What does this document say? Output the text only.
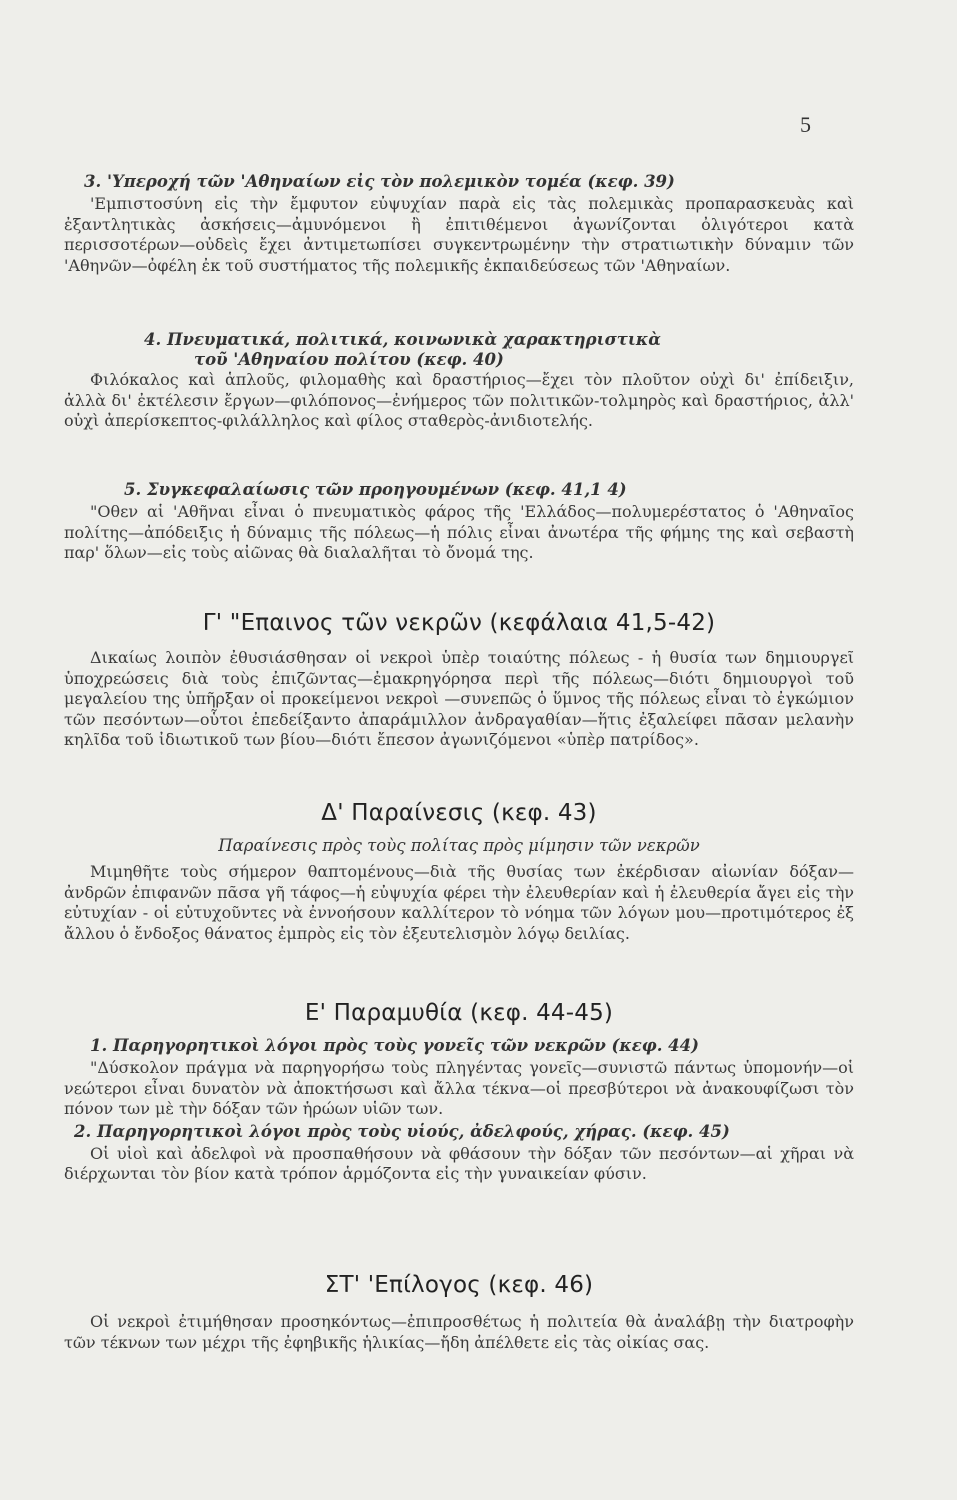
5
3. 'Υπεροχή τῶν 'Αθηναίων εἰς τὸν πολεμικὸν τομέα (κεφ. 39)

'Εμπιστοσύνη εἰς τὴν ἔμφυτον εὐψυχίαν παρὰ εἰς τὰς πολεμικὰς προπαρασκευὰς καὶ ἐξαντλητικὰς ἀσκήσεις—ἀμυνόμενοι ἢ ἐπιτιθέμενοι ἀγωνίζονται ὀλιγότεροι κατὰ περισσοτέρων—οὐδεὶς ἔχει ἀντιμετωπίσει συγκεντρωμένην τὴν στρατιωτικὴν δύναμιν τῶν 'Αθηνῶν—ὀφέλη ἐκ τοῦ συστήματος τῆς πολεμικῆς ἐκπαιδεύσεως τῶν 'Αθηναίων.

4. Πνευματικά, πολιτικά, κοινωνικὰ χαρακτηριστικὰ
τοῦ 'Αθηναίου πολίτου (κεφ. 40)

Φιλόκαλος καὶ ἁπλοῦς, φιλομαθὴς καὶ δραστήριος—ἔχει τὸν πλοῦτον οὐχὶ δι' ἐπίδειξιν, ἀλλὰ δι' ἐκτέλεσιν ἔργων—φιλόπονος—ἐνήμερος τῶν πολιτικῶν-τολμηρὸς καὶ δραστήριος, ἀλλ' οὐχὶ ἀπερίσκεπτος-φιλάλληλος καὶ φίλος σταθερὸς-ἀνιδιοτελής.

5. Συγκεφαλαίωσις τῶν προηγουμένων (κεφ. 41,1 4)

"Οθεν αἱ 'Αθῆναι εἶναι ὁ πνευματικὸς φάρος τῆς 'Ελλάδος—πολυμερέστατος ὁ 'Αθηναῖος πολίτης—ἀπόδειξις ἡ δύναμις τῆς πόλεως—ἡ πόλις εἶναι ἀνωτέρα τῆς φήμης της καὶ σεβαστὴ παρ' ὅλων—εἰς τοὺς αἰῶνας θὰ διαλαλῆται τὸ ὄνομά της.

Γ' "Επαινος τῶν νεκρῶν (κεφάλαια 41,5-42)

Δικαίως λοιπὸν ἐθυσιάσθησαν οἱ νεκροὶ ὑπὲρ τοιαύτης πόλεως - ἡ θυσία των δημιουργεῖ ὑποχρεώσεις διὰ τοὺς ἐπιζῶντας—ἐμακρηγόρησα περὶ τῆς πόλεως—διότι δημιουργοὶ τοῦ μεγαλείου της ὑπῆρξαν οἱ προκείμενοι νεκροὶ —συνεπῶς ὁ ὕμνος τῆς πόλεως εἶναι τὸ ἐγκώμιον τῶν πεσόντων—οὗτοι ἐπεδείξαντο ἀπαράμιλλον ἀνδραγαθίαν—ἥτις ἐξαλείφει πᾶσαν μελανὴν κηλῖδα τοῦ ἰδιωτικοῦ των βίου—διότι ἔπεσον ἀγωνιζόμενοι «ὑπὲρ πατρίδος».

Δ' Παραίνεσις (κεφ. 43)
Παραίνεσις πρὸς τοὺς πολίτας πρὸς μίμησιν τῶν νεκρῶν

Μιμηθῆτε τοὺς σήμερον θαπτομένους—διὰ τῆς θυσίας των ἐκέρδισαν αἰωνίαν δόξαν—ἀνδρῶν ἐπιφανῶν πᾶσα γῆ τάφος—ἡ εὐψυχία φέρει τὴν ἐλευθερίαν καὶ ἡ ἐλευθερία ἄγει εἰς τὴν εὐτυχίαν - οἱ εὐτυχοῦντες νὰ ἐννοήσουν καλλίτερον τὸ νόημα τῶν λόγων μου—προτιμότερος ἐξ ἄλλου ὁ ἔνδοξος θάνατος ἐμπρὸς εἰς τὸν ἐξευτελισμὸν λόγῳ δειλίας.

Ε' Παραμυθία (κεφ. 44-45)
1. Παρηγορητικοὶ λόγοι πρὸς τοὺς γονεῖς τῶν νεκρῶν (κεφ. 44)

"Δύσκολον πράγμα νὰ παρηγορήσω τοὺς πληγέντας γονεῖς—συνιστῶ πάντως ὑπομονήν—οἱ νεώτεροι εἶναι δυνατὸν νὰ ἀποκτήσωσι καὶ ἄλλα τέκνα—οἱ πρεσβύτεροι νὰ ἀνακουφίζωσι τὸν πόνον των μὲ τὴν δόξαν τῶν ἡρώων υἱῶν των.

2. Παρηγορητικοὶ λόγοι πρὸς τοὺς υἱούς, ἀδελφούς, χήρας. (κεφ. 45)

Οἱ υἱοὶ καὶ ἀδελφοὶ νὰ προσπαθήσουν νὰ φθάσουν τὴν δόξαν τῶν πεσόντων—αἱ χῆραι νὰ διέρχωνται τὸν βίον κατὰ τρόπον ἁρμόζοντα εἰς τὴν γυναικείαν φύσιν.

ΣΤ' 'Επίλογος (κεφ. 46)

Οἱ νεκροὶ ἐτιμήθησαν προσηκόντως—ἐπιπροσθέτως ἡ πολιτεία θὰ ἀναλάβῃ τὴν διατροφὴν τῶν τέκνων των μέχρι τῆς ἐφηβικῆς ἡλικίας—ἤδη ἀπέλθετε εἰς τὰς οἰκίας σας.
